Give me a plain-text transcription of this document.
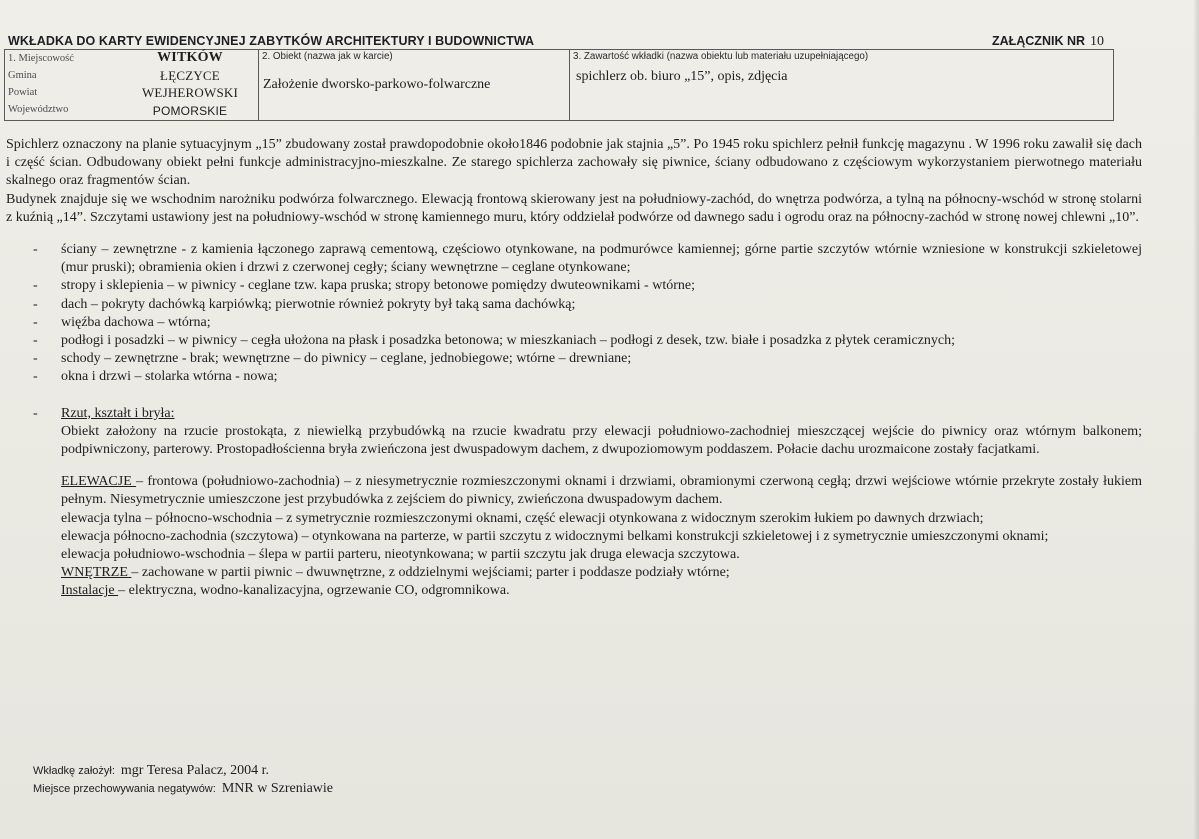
WKŁADKA DO KARTY EWIDENCYJNEJ ZABYTKÓW ARCHITEKTURY I BUDOWNICTWA	ZAŁĄCZNIK NR 10
1. Miejscowość	WITKÓW
Gmina	ŁĘCZYCE
Powiat	WEJHEROWSKI
Województwo	POMORSKIE

2. Obiekt (nazwa jak w karcie)
Założenie dworsko-parkowo-folwarczne

3. Zawartość wkładki (nazwa obiektu lub materiału uzupełniającego)
spichlerz ob. biuro „15”, opis, zdjęcia

Spichlerz oznaczony na planie sytuacyjnym „15” zbudowany został prawdopodobnie około1846 podobnie jak stajnia „5”. Po 1945 roku spichlerz pełnił funkcję magazynu . W 1996 roku zawalił się dach i część ścian. Odbudowany obiekt pełni funkcje administracyjno-mieszkalne. Ze starego spichlerza zachowały się piwnice, ściany odbudowano z częściowym wykorzystaniem pierwotnego materiału skalnego oraz fragmentów ścian.

Budynek znajduje się we wschodnim narożniku podwórza folwarcznego. Elewacją frontową skierowany jest na południowy-zachód, do wnętrza podwórza, a tylną na północny-wschód w stronę stolarni z kuźnią „14”. Szczytami ustawiony jest na południowy-wschód w stronę kamiennego muru, który oddzielał podwórze od dawnego sadu i ogrodu oraz na północny-zachód w stronę nowej chlewni „10”.

- ściany – zewnętrzne - z kamienia łączonego zaprawą cementową, częściowo otynkowane, na podmurówce kamiennej; górne partie szczytów wtórnie wzniesione w konstrukcji szkieletowej (mur pruski); obramienia okien i drzwi z czerwonej cegły; ściany wewnętrzne – ceglane otynkowane;
- stropy i sklepienia – w piwnicy - ceglane tzw. kapa pruska; stropy betonowe pomiędzy dwuteownikami - wtórne;
- dach – pokryty dachówką karpiówką; pierwotnie również pokryty był taką sama dachówką;
- więźba dachowa – wtórna;
- podłogi i posadzki – w piwnicy – cegła ułożona na płask i posadzka betonowa; w mieszkaniach – podłogi z desek, tzw. białe i posadzka z płytek ceramicznych;
- schody – zewnętrzne - brak; wewnętrzne – do piwnicy – ceglane, jednobiegowe; wtórne – drewniane;
- okna i drzwi – stolarka wtórna - nowa;
- Rzut, kształt i bryła:

Obiekt założony na rzucie prostokąta, z niewielką przybudówką na rzucie kwadratu przy elewacji południowo-zachodniej mieszczącej wejście do piwnicy oraz wtórnym balkonem; podpiwniczony, parterowy. Prostopadłościenna bryła zwieńczona jest dwuspadowym dachem, z dwupoziomowym poddaszem. Połacie dachu urozmaicone zostały facjatkami.

ELEWACJE – frontowa (południowo-zachodnia) – z niesymetrycznie rozmieszczonymi oknami i drzwiami, obramionymi czerwoną cegłą; drzwi wejściowe wtórnie przekryte zostały łukiem pełnym. Niesymetrycznie umieszczone jest przybudówka z zejściem do piwnicy, zwieńczona dwuspadowym dachem.

elewacja tylna – północno-wschodnia – z symetrycznie rozmieszczonymi oknami, część elewacji otynkowana z widocznym szerokim łukiem po dawnych drzwiach;

elewacja północno-zachodnia (szczytowa) – otynkowana na parterze, w partii szczytu z widocznymi belkami konstrukcji szkieletowej i z symetrycznie umieszczonymi oknami;

elewacja południowo-wschodnia – ślepa w partii parteru, nieotynkowana; w partii szczytu jak druga elewacja szczytowa.

WNĘTRZE – zachowane w partii piwnic – dwuwnętrzne, z oddzielnymi wejściami; parter i poddasze podziały wtórne;

Instalacje – elektryczna, wodno-kanalizacyjna, ogrzewanie CO, odgromnikowa.

Wkładkę założył: mgr Teresa Palacz, 2004 r.
Miejsce przechowywania negatywów: MNR w Szreniawie
